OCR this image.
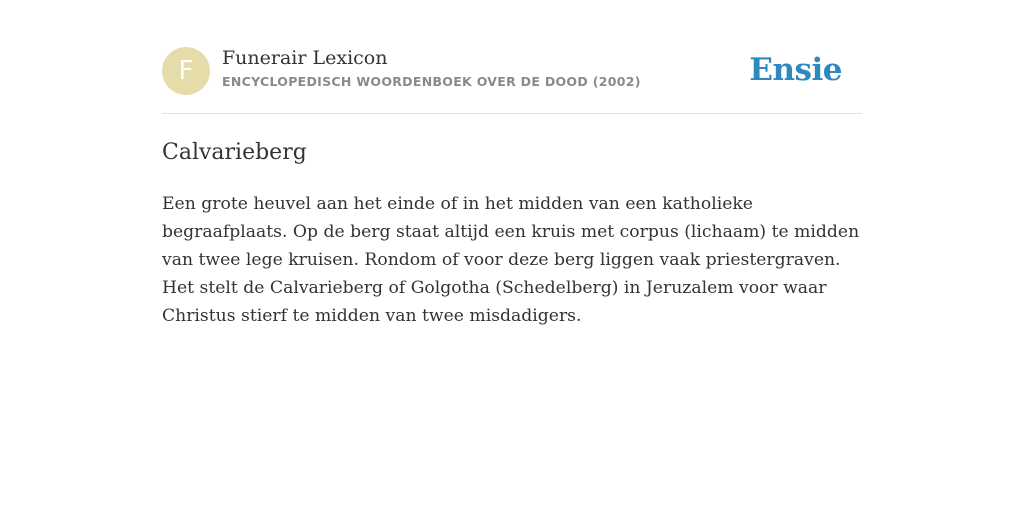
F	Funerair Lexicon
ENCYCLOPEDISCH WOORDENBOEK OVER DE DOOD (2002)	Ensie
Calvarieberg

Een grote heuvel aan het einde of in het midden van een katholieke begraafplaats. Op de berg staat altijd een kruis met corpus (lichaam) te midden van twee lege kruisen. Rondom of voor deze berg liggen vaak priestergraven. Het stelt de Calvarieberg of Golgotha (Schedelberg) in Jeruzalem voor waar Christus stierf te midden van twee misdadigers.
